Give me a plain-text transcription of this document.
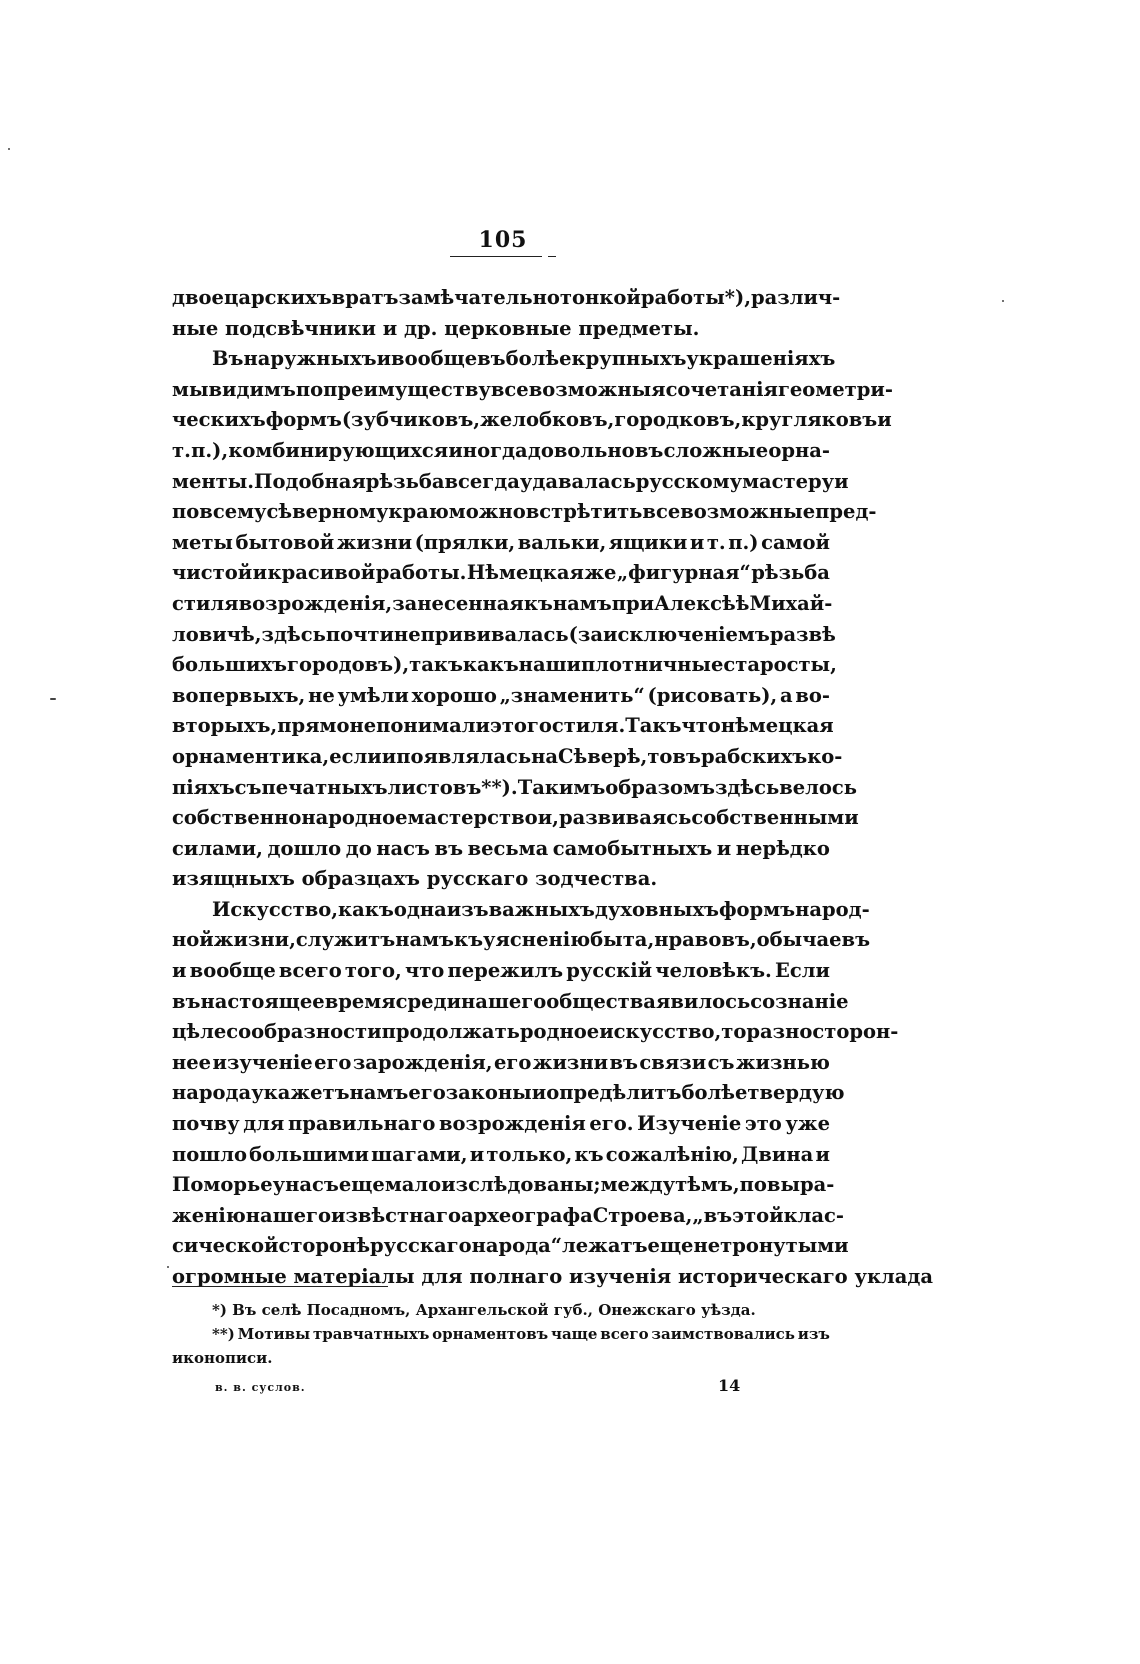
105
двое царскихъ вратъ замѣчательно тонкой работы *), различ-
ные подсвѣчники и др. церковные предметы.
Въ наружныхъ и вообще въ болѣе крупныхъ украшеніяхъ
мы видимъ по преимуществу всевозможныя сочетанія геометри-
ческихъ формъ (зубчиковъ, желобковъ, городковъ, кругляковъ и
т. п.), комбинирующихся иногда довольно въ сложные орна-
менты. Подобная рѣзьба всегда удавалась русскому мастеру и
по всему сѣверному краю можно встрѣтить всевозможные пред-
меты бытовой жизни (прялки, вальки, ящики и т. п.) самой
чистой и красивой работы. Нѣмецкая же „фигурная“ рѣзьба
стиля возрожденія, занесенная къ намъ при Алексѣѣ Михай-
ловичѣ, здѣсь почти не прививалась (за исключеніемъ развѣ
большихъ городовъ), такъ какъ наши плотничные старосты,
вопервыхъ, не умѣли хорошо „знаменить“ (рисовать), а во-
вторыхъ, прямо не понимали этого стиля. Такъ что нѣмецкая
орнаментика, если и появлялась на Сѣверѣ, то въ рабскихъ ко-
піяхъ съ печатныхъ листовъ **). Такимъ образомъ здѣсь велось
собственно народное мастерство и, развиваясь собственными
силами, дошло до насъ въ весьма самобытныхъ и нерѣдко
изящныхъ образцахъ русскаго зодчества.
Искусство, какъ одна изъ важныхъ духовныхъ формъ народ-
ной жизни, служитъ намъ къ уясненію быта, нравовъ, обычаевъ
и вообще всего того, что пережилъ русскій человѣкъ. Если
въ настоящее время среди нашего общества явилось сознаніе
цѣлесообразности продолжать родное искусство, то разносторон-
нее изученіе его зарожденія, его жизни въ связи съ жизнью
народа укажетъ намъ его законы и опредѣлитъ болѣе твердую
почву для правильнаго возрожденія его. Изученіе это уже
пошло большими шагами, и только, къ сожалѣнію, Двина и
Поморье у насъ еще мало изслѣдованы; между тѣмъ, по выра-
женію нашего извѣстнаго археографа Строева, „въ этой клас-
сической сторонѣ русскаго народа“ лежатъ еще нетронутыми
огромные матеріалы для полнаго изученія историческаго уклада
*) Въ селѣ Посадномъ, Архангельской губ., Онежскаго уѣзда.
**) Мотивы травчатныхъ орнаментовъ чаще всего заимствовались изъ
иконописи.
в. в. суслов.	14
